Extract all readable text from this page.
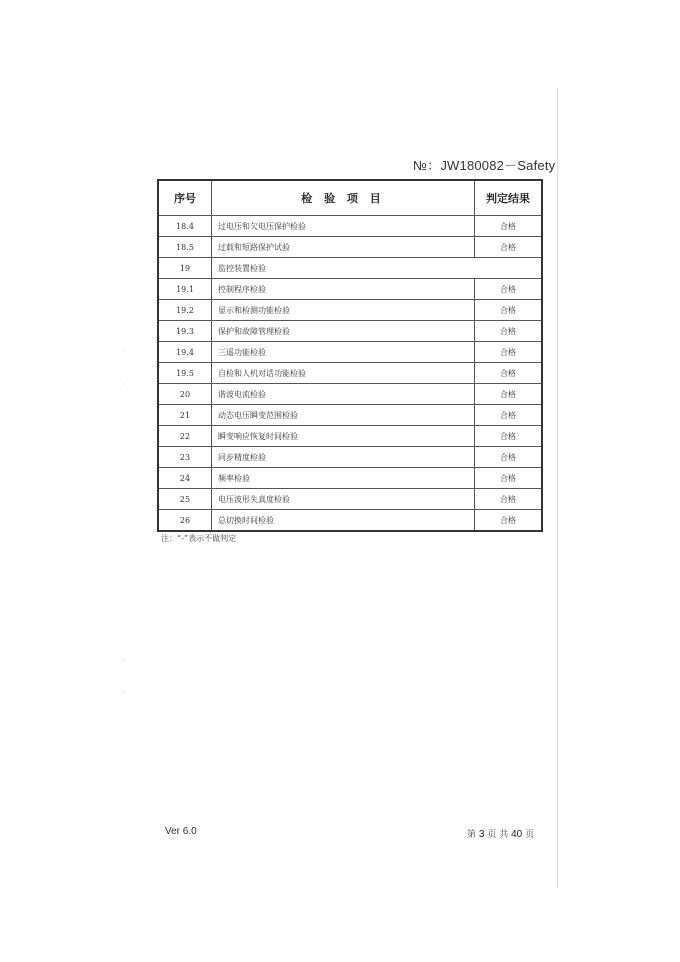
№：JW180082－Safety
序号	检 验 项 目	判定结果
18.4	过电压和欠电压保护检验	合格
18.5	过载和短路保护试验	合格
19	监控装置检验	
19.1	控制程序检验	合格
19.2	显示和检测功能检验	合格
19.3	保护和故障管理检验	合格
19.4	三遥功能检验	合格
19.5	自检和人机对话功能检验	合格
20	谐波电流检验	合格
21	动态电压瞬变范围检验	合格
22	瞬变响应恢复时间检验	合格
23	同步精度检验	合格
24	频率检验	合格
25	电压波形失真度检验	合格
26	总切换时间检验	合格
注：“-”表示不做判定
Ver 6.0	第 3 页 共 40 页
·
·
·
·
